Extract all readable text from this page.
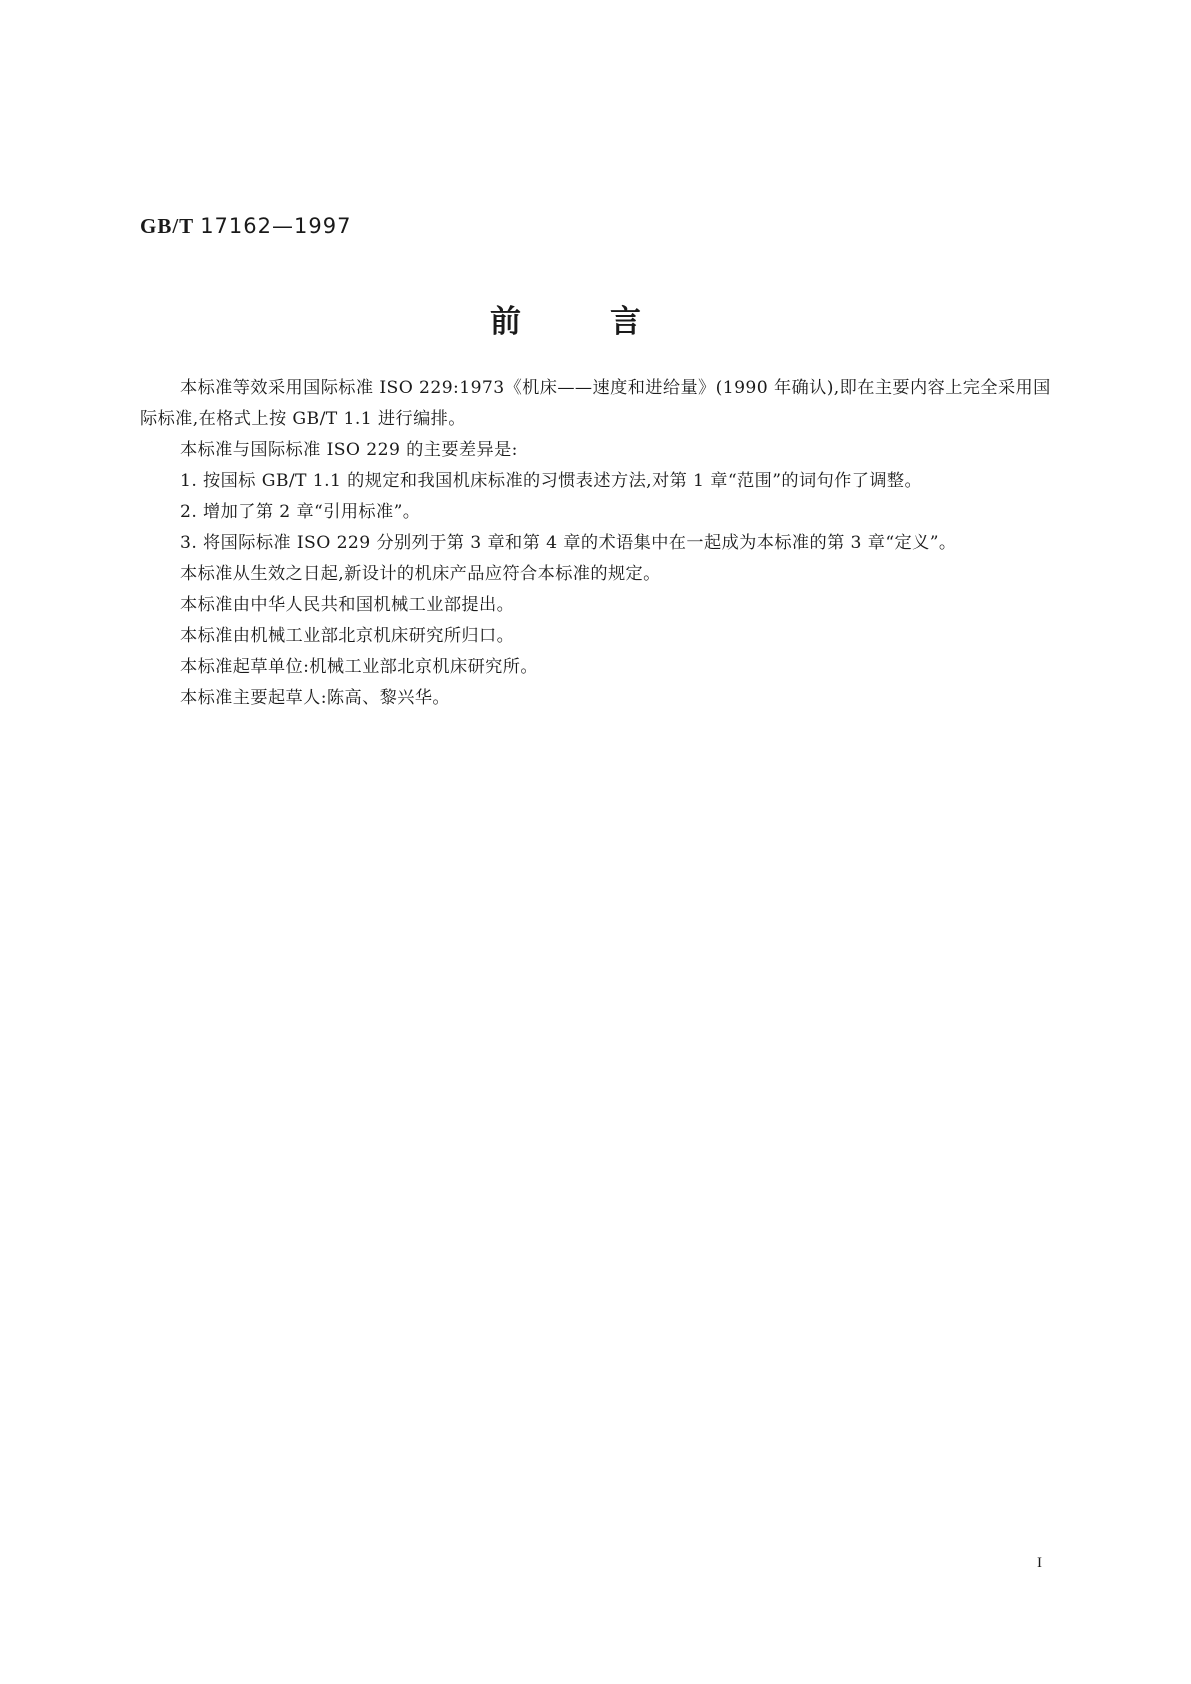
GB/T 17162—1997
前	言

本标准等效采用国际标准 ISO 229:1973《机床——速度和进给量》(1990 年确认),即在主要内容上完全采用国际标准,在格式上按 GB/T 1.1 进行编排。

本标准与国际标准 ISO 229 的主要差异是:

1. 按国标 GB/T 1.1 的规定和我国机床标准的习惯表述方法,对第 1 章“范围”的词句作了调整。

2. 增加了第 2 章“引用标准”。

3. 将国际标准 ISO 229 分别列于第 3 章和第 4 章的术语集中在一起成为本标准的第 3 章“定义”。

本标准从生效之日起,新设计的机床产品应符合本标准的规定。

本标准由中华人民共和国机械工业部提出。

本标准由机械工业部北京机床研究所归口。

本标准起草单位:机械工业部北京机床研究所。

本标准主要起草人:陈高、黎兴华。

I
